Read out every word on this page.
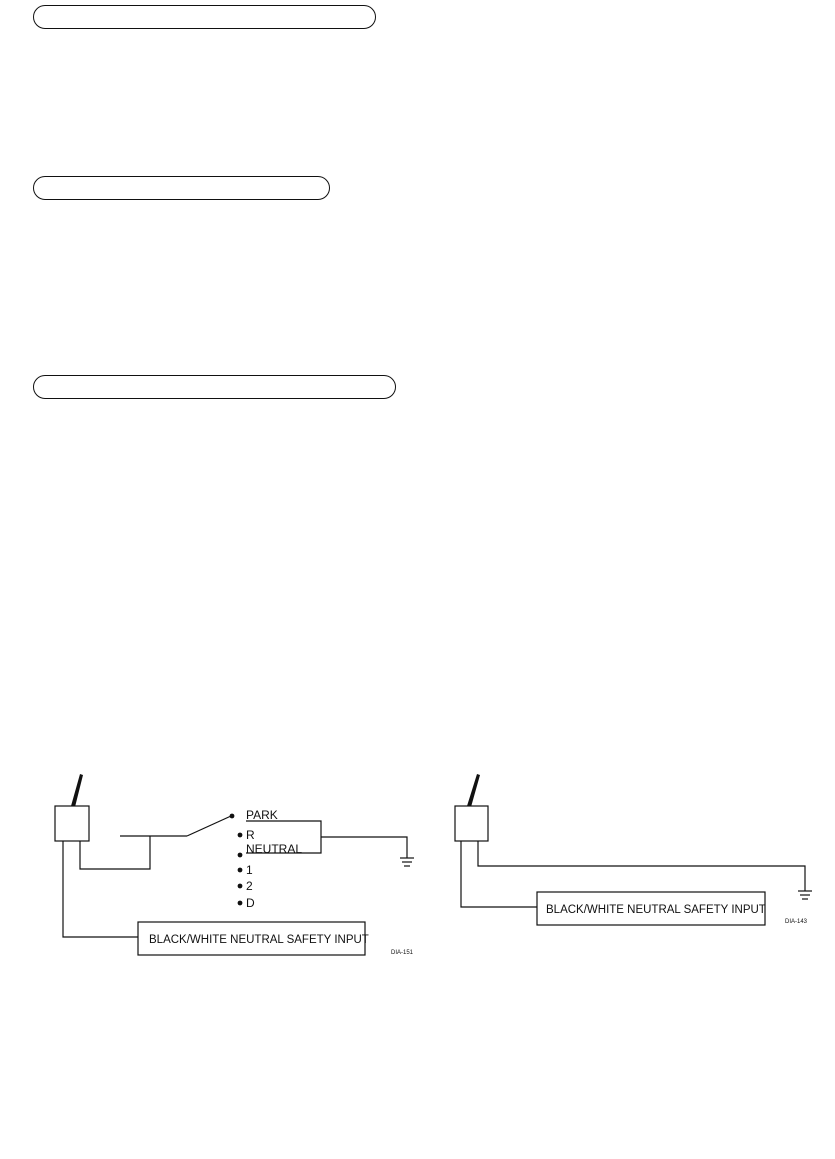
PARK
R
NEUTRAL
1
2
D
BLACK/WHITE NEUTRAL SAFETY INPUT
DIA-151
BLACK/WHITE NEUTRAL SAFETY INPUT
DIA-143
